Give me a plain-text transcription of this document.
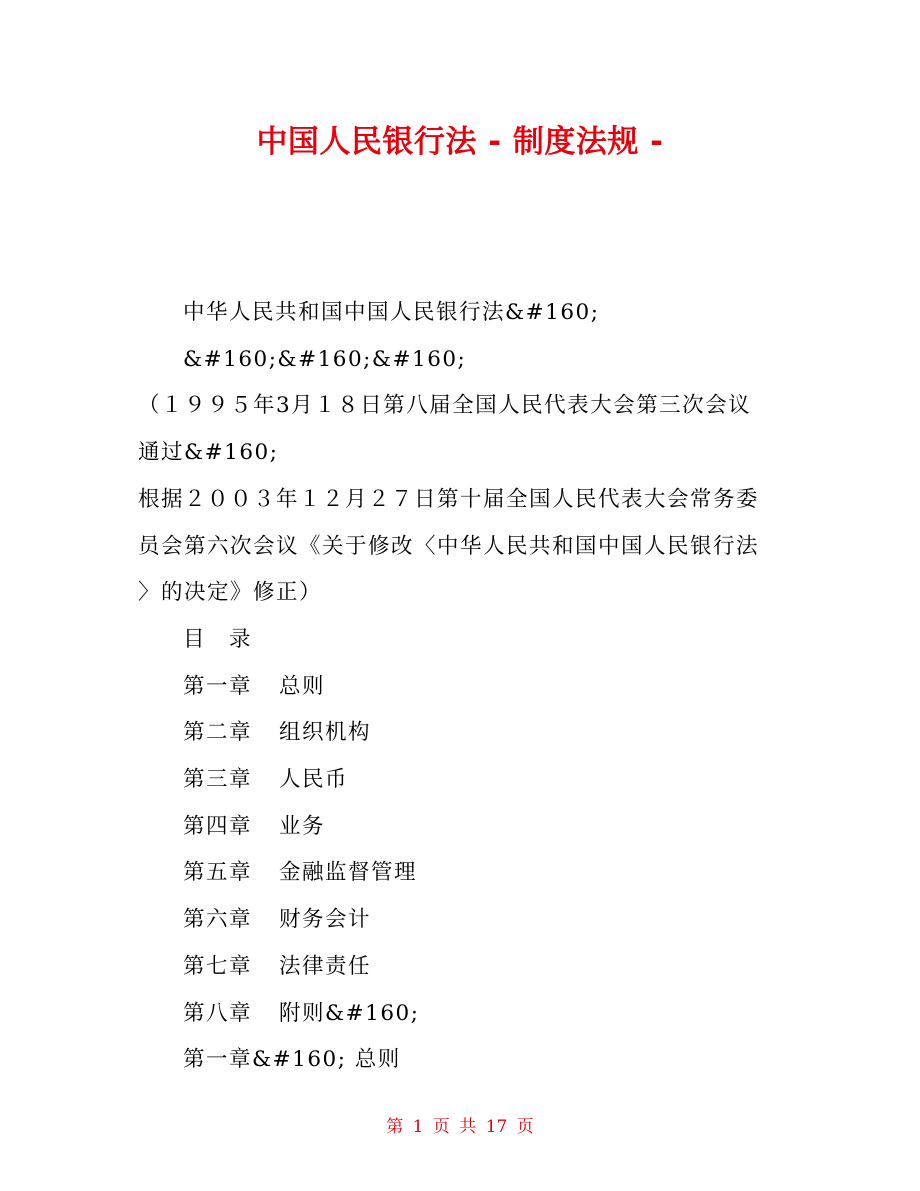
中国人民银行法 - 制度法规 -

中华人民共和国中国人民银行法&#160;

&#160;&#160;&#160;

（１９９５年3月１８日第八届全国人民代表大会第三次会议

通过&#160;

根据２００３年１２月２７日第十届全国人民代表大会常务委

员会第六次会议《关于修改〈中华人民共和国中国人民银行法

〉的决定》修正）

目　录

第一章 总则

第二章 组织机构

第三章 人民币

第四章 业务

第五章 金融监督管理

第六章 财务会计

第七章 法律责任

第八章 附则&#160;

第一章&#160; 总则

第 1 页 共 17 页
